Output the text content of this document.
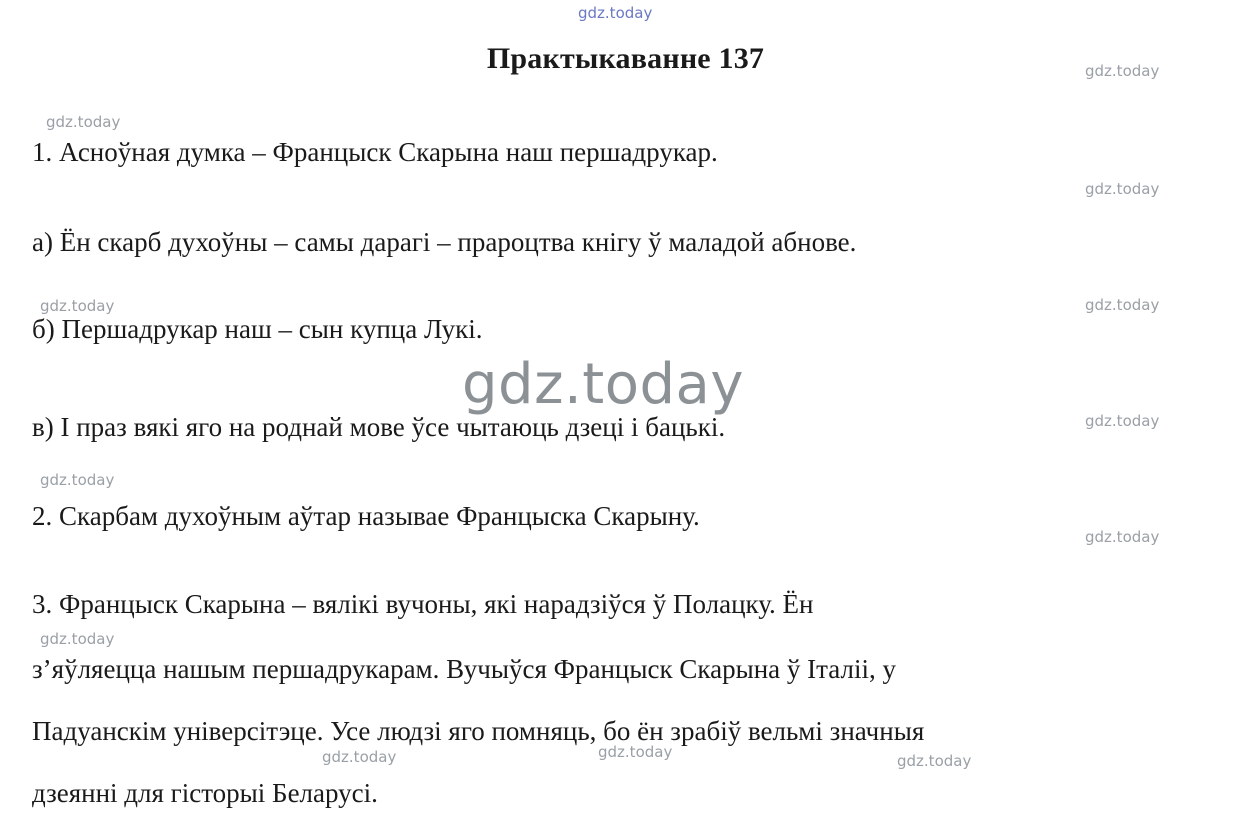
gdz.today
gdz.today
gdz.today
gdz.today
gdz.today	gdz.today
gdz.today
gdz.today
gdz.today
gdz.today
gdz.today	gdz.today	gdz.today
gdz.today
Практыкаванне 137
1. Асноўная думка – Францыск Скарына наш першадрукар.
а) Ён скарб духоўны – самы дарагі – прароцтва кнігу ў маладой абнове.
б) Першадрукар наш – сын купца Лукі.
в) І праз вякі яго на роднай мове ўсе чытаюць дзеці і бацькі.
2. Скарбам духоўным аўтар называе Францыска Скарыну.
3. Францыск Скарына – вялікі вучоны, які нарадзіўся ў Полацку. Ён
з’яўляецца нашым першадрукарам. Вучыўся Францыск Скарына ў Італіі, у
Падуанскім універсітэце. Усе людзі яго помняць, бо ён зрабіў вельмі значныя
дзеянні для гісторыі Беларусі.
